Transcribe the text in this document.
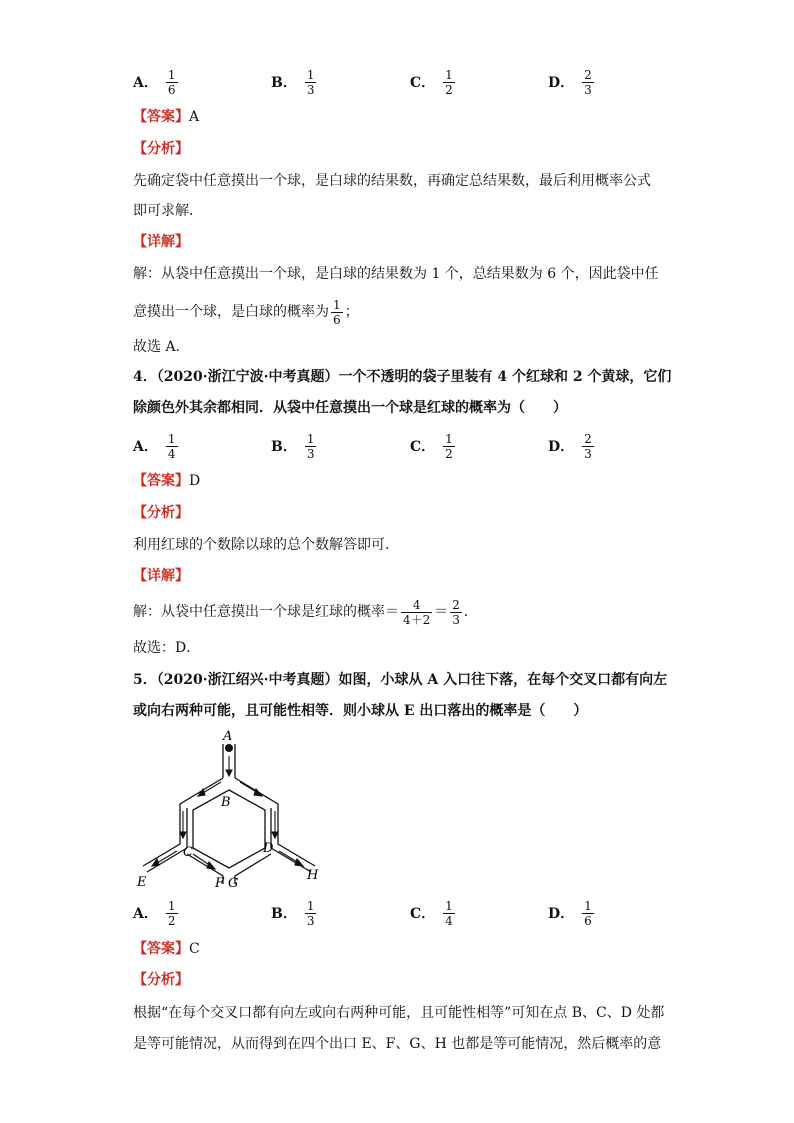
A． $\frac{1}{6}$	B． $\frac{1}{3}$	C． $\frac{1}{2}$	D． $\frac{2}{3}$
【答案】A
【分析】
先确定袋中任意摸出一个球，是白球的结果数，再确定总结果数，最后利用概率公式
即可求解．
【详解】
解：从袋中任意摸出一个球，是白球的结果数为 1 个，总结果数为 6 个，因此袋中任
意摸出一个球，是白球的概率为 $\frac{1}{6}$ ；
故选 A．
4．（2020·浙江宁波·中考真题）一个不透明的袋子里装有 4 个红球和 2 个黄球，它们
除颜色外其余都相同．从袋中任意摸出一个球是红球的概率为（　　）
A． $\frac{1}{4}$	B． $\frac{1}{3}$	C． $\frac{1}{2}$	D． $\frac{2}{3}$
【答案】D
【分析】
利用红球的个数除以球的总个数解答即可．
【详解】
解：从袋中任意摸出一个球是红球的概率＝ $\frac{4}{4+2} = \frac{2}{3}$ ．
故选：D．
5．（2020·浙江绍兴·中考真题）如图，小球从 A 入口往下落，在每个交叉口都有向左
或向右两种可能，且可能性相等．则小球从 E 出口落出的概率是（　　）
A
B
C	D
E	F G
H
A． $\frac{1}{2}$	B． $\frac{1}{3}$	C． $\frac{1}{4}$	D． $\frac{1}{6}$
【答案】C
【分析】
根据“在每个交叉口都有向左或向右两种可能，且可能性相等”可知在点 B、C、D 处都
是等可能情况，从而得到在四个出口 E、F、G、H 也都是等可能情况，然后概率的意
